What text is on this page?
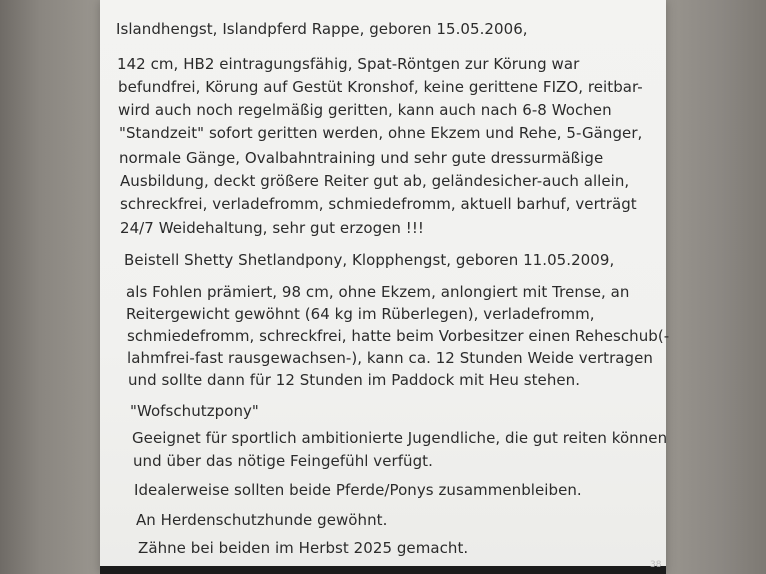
Islandhengst, Islandpferd Rappe, geboren 15.05.2006,
142 cm, HB2 eintragungsfähig, Spat-Röntgen zur Körung war
befundfrei, Körung auf Gestüt Kronshof, keine gerittene FIZO, reitbar-
wird auch noch regelmäßig geritten, kann auch nach 6-8 Wochen
"Standzeit" sofort geritten werden, ohne Ekzem und Rehe, 5-Gänger,
normale Gänge, Ovalbahntraining und sehr gute dressurmäßige
Ausbildung, deckt größere Reiter gut ab, geländesicher-auch allein,
schreckfrei, verladefromm, schmiedefromm, aktuell barhuf, verträgt
24/7 Weidehaltung, sehr gut erzogen !!!
Beistell Shetty Shetlandpony, Klopphengst, geboren 11.05.2009,
als Fohlen prämiert, 98 cm, ohne Ekzem, anlongiert mit Trense, an
Reitergewicht gewöhnt (64 kg im Rüberlegen), verladefromm,
schmiedefromm, schreckfrei, hatte beim Vorbesitzer einen Reheschub(-
lahmfrei-fast rausgewachsen-), kann ca. 12 Stunden Weide vertragen
und sollte dann für 12 Stunden im Paddock mit Heu stehen.
"Wofschutzpony"
Geeignet für sportlich ambitionierte Jugendliche, die gut reiten können
und über das nötige Feingefühl verfügt.
Idealerweise sollten beide Pferde/Ponys zusammenbleiben.
An Herdenschutzhunde gewöhnt.
Zähne bei beiden im Herbst 2025 gemacht.
38
